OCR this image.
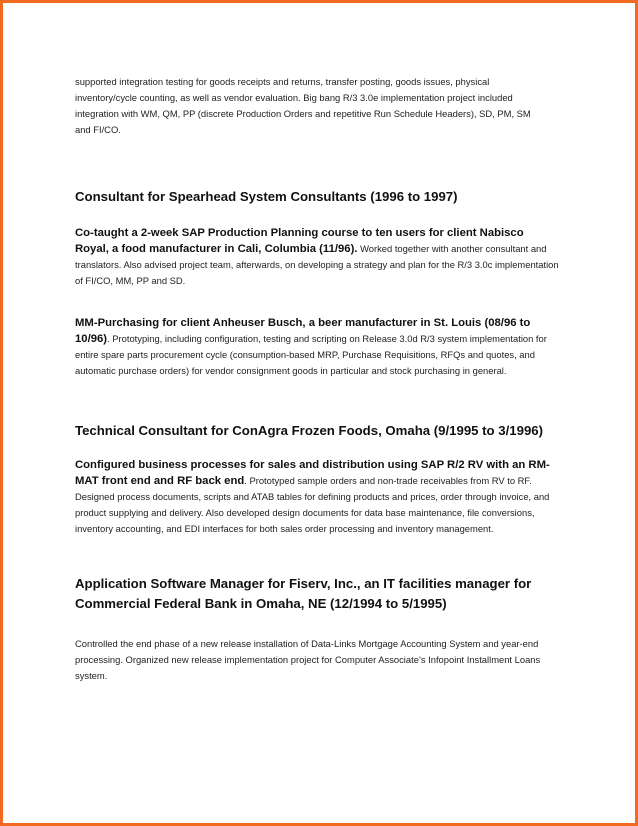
supported integration testing for goods receipts and returns, transfer posting, goods issues, physical inventory/cycle counting, as well as vendor evaluation. Big bang R/3 3.0e implementation project included integration with WM, QM, PP (discrete Production Orders and repetitive Run Schedule Headers), SD, PM, SM and FI/CO.

Consultant for Spearhead System Consultants (1996 to 1997)

Co-taught a 2-week SAP Production Planning course to ten users for client Nabisco Royal, a food manufacturer in Cali, Columbia (11/96). Worked together with another consultant and translators. Also advised project team, afterwards, on developing a strategy and plan for the R/3 3.0c implementation of FI/CO, MM, PP and SD.

MM-Purchasing for client Anheuser Busch, a beer manufacturer in St. Louis (08/96 to 10/96). Prototyping, including configuration, testing and scripting on Release 3.0d R/3 system implementation for entire spare parts procurement cycle (consumption-based MRP, Purchase Requisitions, RFQs and quotes, and automatic purchase orders) for vendor consignment goods in particular and stock purchasing in general.

Technical Consultant for ConAgra Frozen Foods, Omaha (9/1995 to 3/1996)

Configured business processes for sales and distribution using SAP R/2 RV with an RM-MAT front end and RF back end. Prototyped sample orders and non-trade receivables from RV to RF. Designed process documents, scripts and ATAB tables for defining products and prices, order through invoice, and product supplying and delivery. Also developed design documents for data base maintenance, file conversions, inventory accounting, and EDI interfaces for both sales order processing and inventory management.

Application Software Manager for Fiserv, Inc., an IT facilities manager for Commercial Federal Bank in Omaha, NE (12/1994 to 5/1995)

Controlled the end phase of a new release installation of Data-Links Mortgage Accounting System and year-end processing. Organized new release implementation project for Computer Associate’s Infopoint Installment Loans system.

· · ·
